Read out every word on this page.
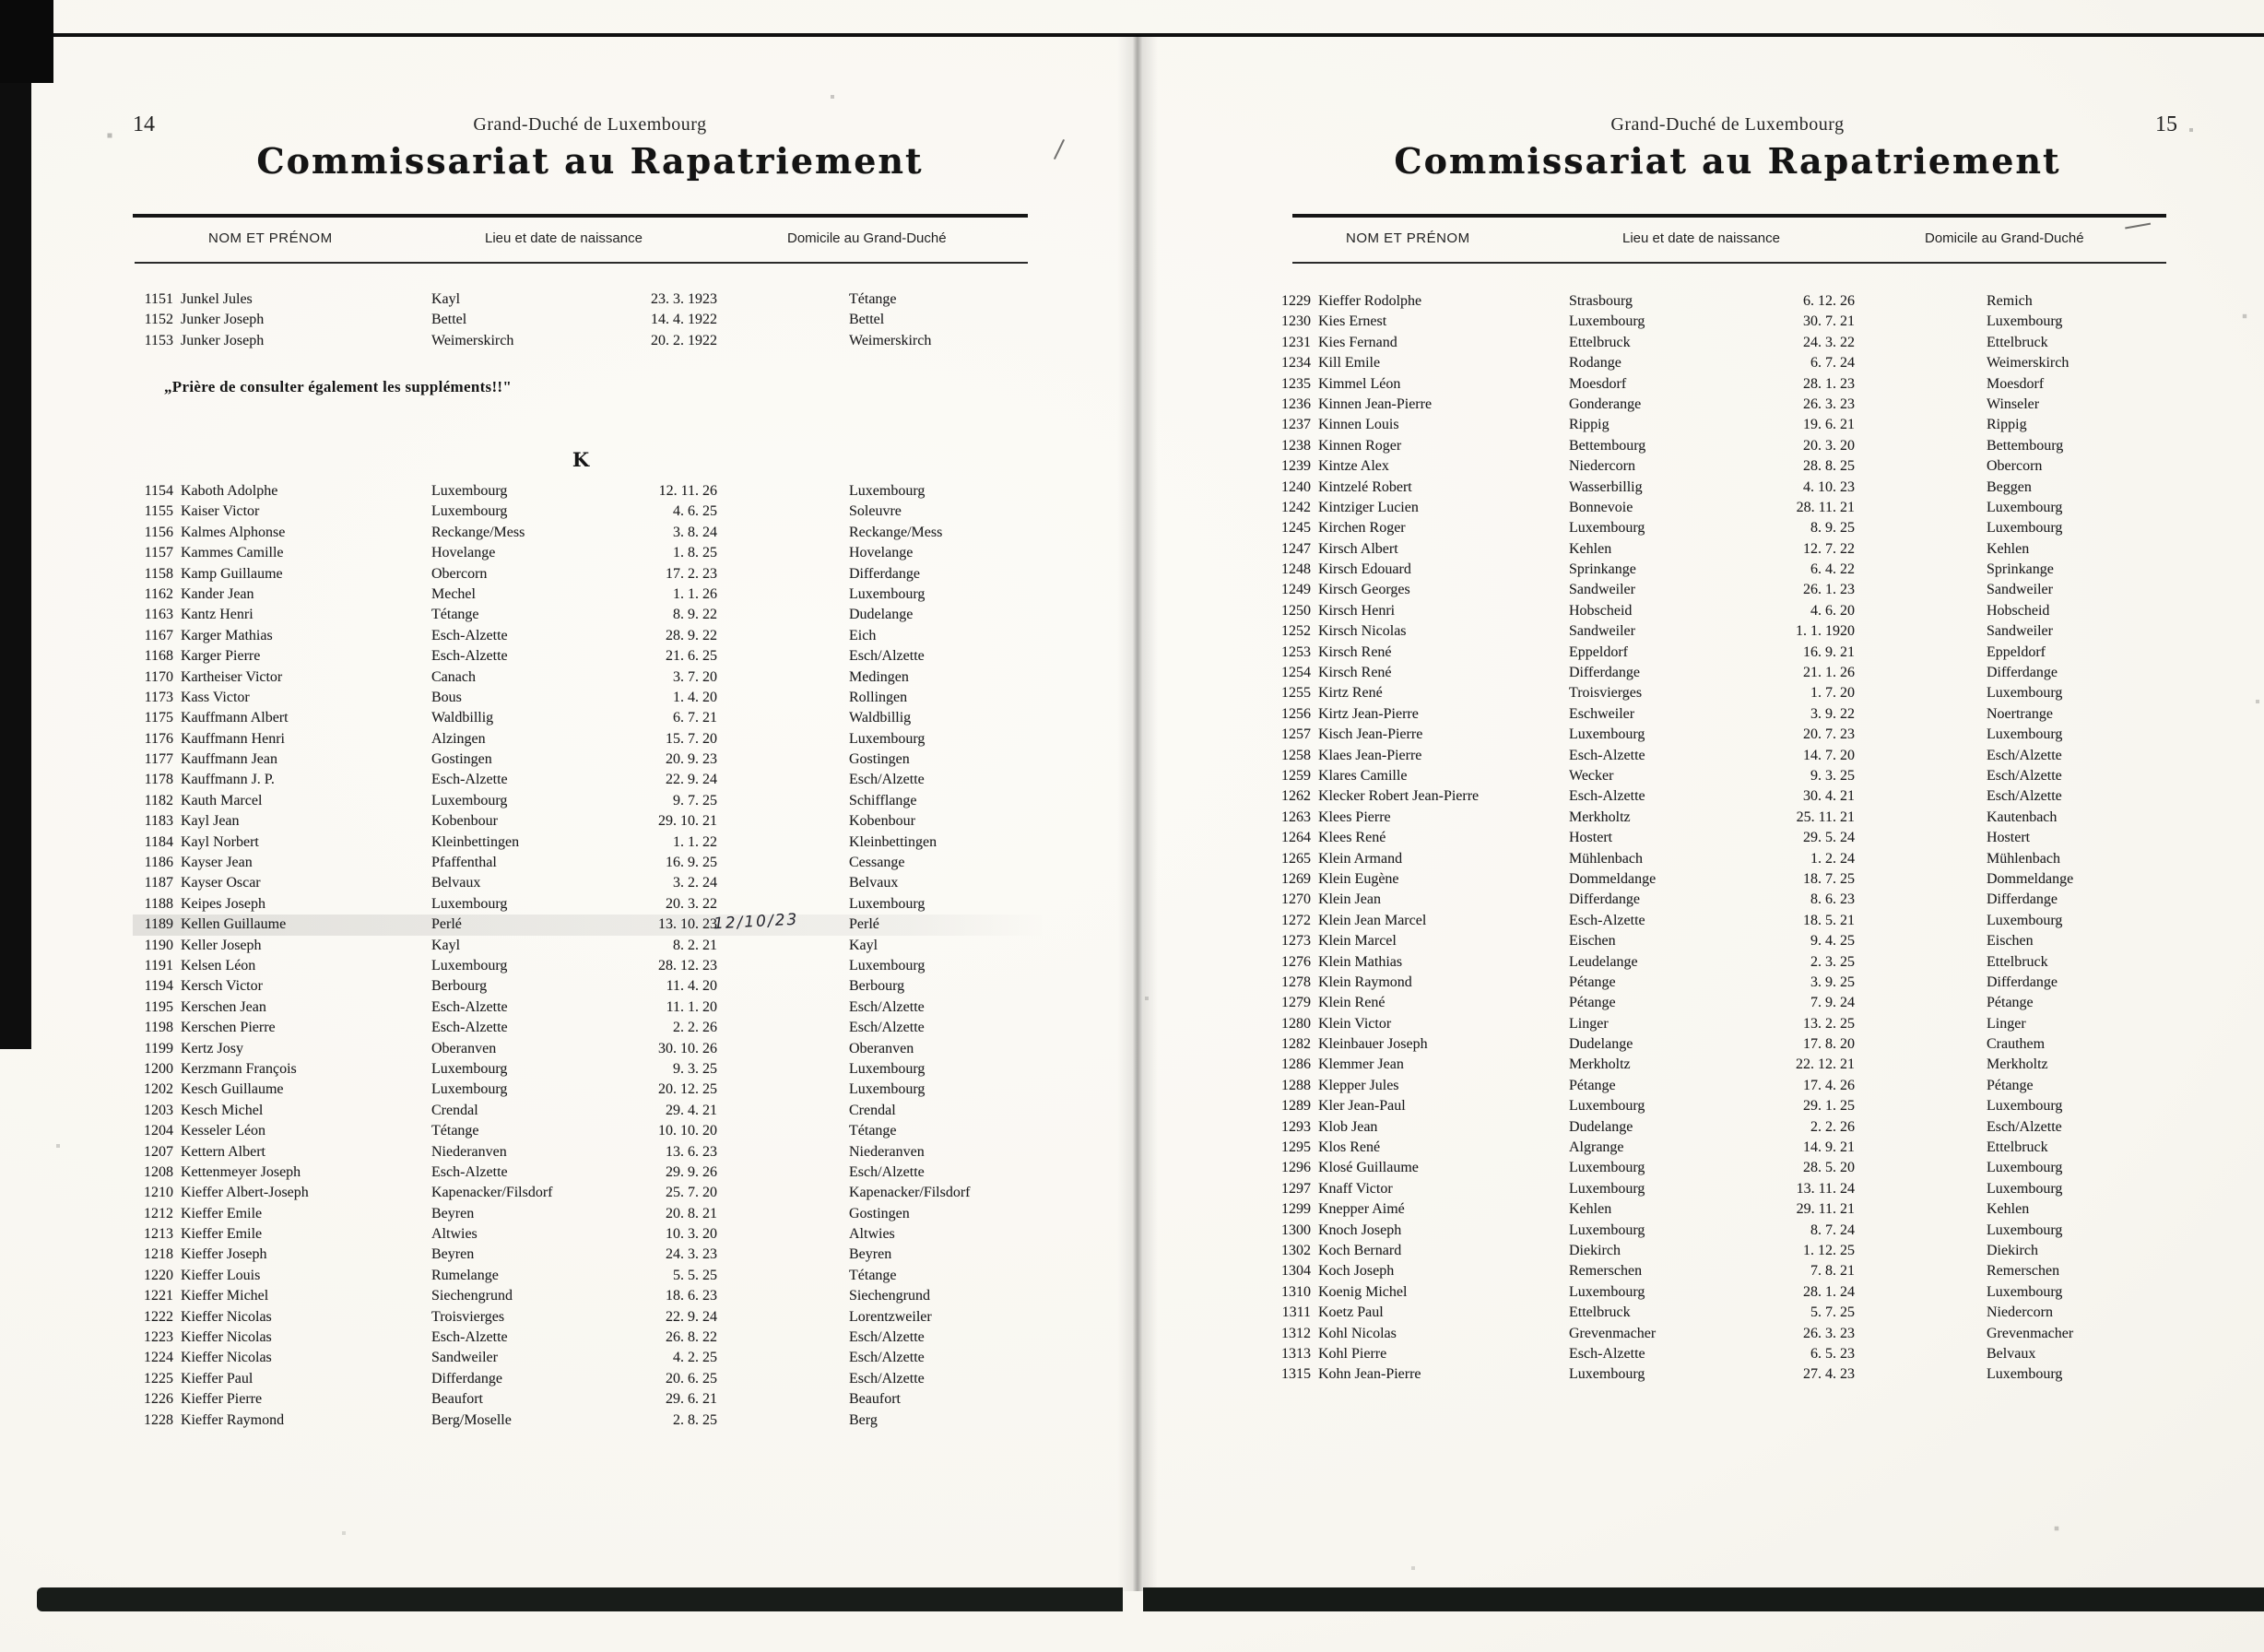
14	Grand-Duché de Luxembourg
Commissariat au Rapatriement
NOM ET PRÉNOM	Lieu et date de naissance	Domicile au Grand-Duché
1151 Junkel Jules	Kayl	23. 3. 1923	Tétange
1152 Junker Joseph	Bettel	14. 4. 1922	Bettel
1153 Junker Joseph	Weimerskirch	20. 2. 1922	Weimerskirch
„Prière de consulter également les suppléments!!"
K
1154 Kaboth Adolphe	Luxembourg	12. 11. 26	Luxembourg
1155 Kaiser Victor	Luxembourg	4. 6. 25	Soleuvre
1156 Kalmes Alphonse	Reckange/Mess	3. 8. 24	Reckange/Mess
1157 Kammes Camille	Hovelange	1. 8. 25	Hovelange
1158 Kamp Guillaume	Obercorn	17. 2. 23	Differdange
1162 Kander Jean	Mechel	1. 1. 26	Luxembourg
1163 Kantz Henri	Tétange	8. 9. 22	Dudelange
1167 Karger Mathias	Esch-Alzette	28. 9. 22	Eich
1168 Karger Pierre	Esch-Alzette	21. 6. 25	Esch/Alzette
1170 Kartheiser Victor	Canach	3. 7. 20	Medingen
1173 Kass Victor	Bous	1. 4. 20	Rollingen
1175 Kauffmann Albert	Waldbillig	6. 7. 21	Waldbillig
1176 Kauffmann Henri	Alzingen	15. 7. 20	Luxembourg
1177 Kauffmann Jean	Gostingen	20. 9. 23	Gostingen
1178 Kauffmann J. P.	Esch-Alzette	22. 9. 24	Esch/Alzette
1182 Kauth Marcel	Luxembourg	9. 7. 25	Schifflange
1183 Kayl Jean	Kobenbour	29. 10. 21	Kobenbour
1184 Kayl Norbert	Kleinbettingen	1. 1. 22	Kleinbettingen
1186 Kayser Jean	Pfaffenthal	16. 9. 25	Cessange
1187 Kayser Oscar	Belvaux	3. 2. 24	Belvaux
1188 Keipes Joseph	Luxembourg	20. 3. 22	Luxembourg
1189 Kellen Guillaume	Perlé	13. 10. 23	Perlé
12/10/23
1190 Keller Joseph	Kayl	8. 2. 21	Kayl
1191 Kelsen Léon	Luxembourg	28. 12. 23	Luxembourg
1194 Kersch Victor	Berbourg	11. 4. 20	Berbourg
1195 Kerschen Jean	Esch-Alzette	11. 1. 20	Esch/Alzette
1198 Kerschen Pierre	Esch-Alzette	2. 2. 26	Esch/Alzette
1199 Kertz Josy	Oberanven	30. 10. 26	Oberanven
1200 Kerzmann François	Luxembourg	9. 3. 25	Luxembourg
1202 Kesch Guillaume	Luxembourg	20. 12. 25	Luxembourg
1203 Kesch Michel	Crendal	29. 4. 21	Crendal
1204 Kesseler Léon	Tétange	10. 10. 20	Tétange
1207 Kettern Albert	Niederanven	13. 6. 23	Niederanven
1208 Kettenmeyer Joseph	Esch-Alzette	29. 9. 26	Esch/Alzette
1210 Kieffer Albert-Joseph	Kapenacker/Filsdorf	25. 7. 20	Kapenacker/Filsdorf
1212 Kieffer Emile	Beyren	20. 8. 21	Gostingen
1213 Kieffer Emile	Altwies	10. 3. 20	Altwies
1218 Kieffer Joseph	Beyren	24. 3. 23	Beyren
1220 Kieffer Louis	Rumelange	5. 5. 25	Tétange
1221 Kieffer Michel	Siechengrund	18. 6. 23	Siechengrund
1222 Kieffer Nicolas	Troisvierges	22. 9. 24	Lorentzweiler
1223 Kieffer Nicolas	Esch-Alzette	26. 8. 22	Esch/Alzette
1224 Kieffer Nicolas	Sandweiler	4. 2. 25	Esch/Alzette
1225 Kieffer Paul	Differdange	20. 6. 25	Esch/Alzette
1226 Kieffer Pierre	Beaufort	29. 6. 21	Beaufort
1228 Kieffer Raymond	Berg/Moselle	2. 8. 25	Berg
15
Grand-Duché de Luxembourg
Commissariat au Rapatriement
NOM ET PRÉNOM	Lieu et date de naissance	Domicile au Grand-Duché
1229 Kieffer Rodolphe	Strasbourg	6. 12. 26	Remich
1230 Kies Ernest	Luxembourg	30. 7. 21	Luxembourg
1231 Kies Fernand	Ettelbruck	24. 3. 22	Ettelbruck
1234 Kill Emile	Rodange	6. 7. 24	Weimerskirch
1235 Kimmel Léon	Moesdorf	28. 1. 23	Moesdorf
1236 Kinnen Jean-Pierre	Gonderange	26. 3. 23	Winseler
1237 Kinnen Louis	Rippig	19. 6. 21	Rippig
1238 Kinnen Roger	Bettembourg	20. 3. 20	Bettembourg
1239 Kintze Alex	Niedercorn	28. 8. 25	Obercorn
1240 Kintzelé Robert	Wasserbillig	4. 10. 23	Beggen
1242 Kintziger Lucien	Bonnevoie	28. 11. 21	Luxembourg
1245 Kirchen Roger	Luxembourg	8. 9. 25	Luxembourg
1247 Kirsch Albert	Kehlen	12. 7. 22	Kehlen
1248 Kirsch Edouard	Sprinkange	6. 4. 22	Sprinkange
1249 Kirsch Georges	Sandweiler	26. 1. 23	Sandweiler
1250 Kirsch Henri	Hobscheid	4. 6. 20	Hobscheid
1252 Kirsch Nicolas	Sandweiler	1. 1. 1920	Sandweiler
1253 Kirsch René	Eppeldorf	16. 9. 21	Eppeldorf
1254 Kirsch René	Differdange	21. 1. 26	Differdange
1255 Kirtz René	Troisvierges	1. 7. 20	Luxembourg
1256 Kirtz Jean-Pierre	Eschweiler	3. 9. 22	Noertrange
1257 Kisch Jean-Pierre	Luxembourg	20. 7. 23	Luxembourg
1258 Klaes Jean-Pierre	Esch-Alzette	14. 7. 20	Esch/Alzette
1259 Klares Camille	Wecker	9. 3. 25	Esch/Alzette
1262 Klecker Robert Jean-Pierre	Esch-Alzette	30. 4. 21	Esch/Alzette
1263 Klees Pierre	Merkholtz	25. 11. 21	Kautenbach
1264 Klees René	Hostert	29. 5. 24	Hostert
1265 Klein Armand	Mühlenbach	1. 2. 24	Mühlenbach
1269 Klein Eugène	Dommeldange	18. 7. 25	Dommeldange
1270 Klein Jean	Differdange	8. 6. 23	Differdange
1272 Klein Jean Marcel	Esch-Alzette	18. 5. 21	Luxembourg
1273 Klein Marcel	Eischen	9. 4. 25	Eischen
1276 Klein Mathias	Leudelange	2. 3. 25	Ettelbruck
1278 Klein Raymond	Pétange	3. 9. 25	Differdange
1279 Klein René	Pétange	7. 9. 24	Pétange
1280 Klein Victor	Linger	13. 2. 25	Linger
1282 Kleinbauer Joseph	Dudelange	17. 8. 20	Crauthem
1286 Klemmer Jean	Merkholtz	22. 12. 21	Merkholtz
1288 Klepper Jules	Pétange	17. 4. 26	Pétange
1289 Kler Jean-Paul	Luxembourg	29. 1. 25	Luxembourg
1293 Klob Jean	Dudelange	2. 2. 26	Esch/Alzette
1295 Klos René	Algrange	14. 9. 21	Ettelbruck
1296 Klosé Guillaume	Luxembourg	28. 5. 20	Luxembourg
1297 Knaff Victor	Luxembourg	13. 11. 24	Luxembourg
1299 Knepper Aimé	Kehlen	29. 11. 21	Kehlen
1300 Knoch Joseph	Luxembourg	8. 7. 24	Luxembourg
1302 Koch Bernard	Diekirch	1. 12. 25	Diekirch
1304 Koch Joseph	Remerschen	7. 8. 21	Remerschen
1310 Koenig Michel	Luxembourg	28. 1. 24	Luxembourg
1311 Koetz Paul	Ettelbruck	5. 7. 25	Niedercorn
1312 Kohl Nicolas	Grevenmacher	26. 3. 23	Grevenmacher
1313 Kohl Pierre	Esch-Alzette	6. 5. 23	Belvaux
1315 Kohn Jean-Pierre	Luxembourg	27. 4. 23	Luxembourg
